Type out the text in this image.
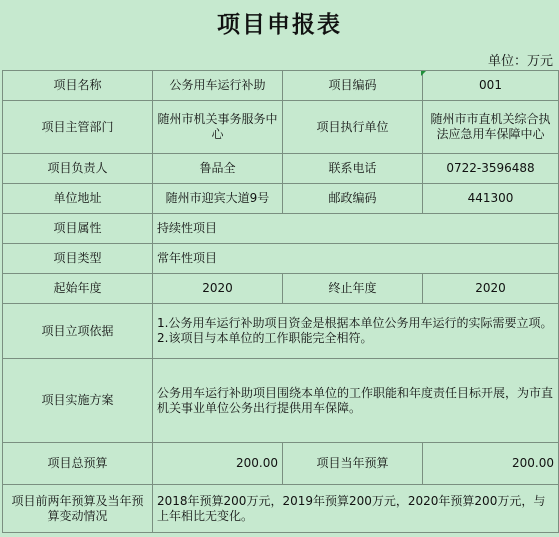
项目申报表
单位：万元
项目名称	公务用车运行补助	项目编码	001
项目主管部门	随州市机关事务服务中心	项目执行单位	随州市市直机关综合执法应急用车保障中心
项目负责人	鲁品全	联系电话	0722-3596488
单位地址	随州市迎宾大道9号	邮政编码	441300
项目属性	持续性项目		
项目类型	常年性项目		
起始年度	2020	终止年度	2020
项目立项依据	1.公务用车运行补助项目资金是根据本单位公务用车运行的实际需要立项。
2.该项目与本单位的工作职能完全相符。		

项目实施方案	公务用车运行补助项目围绕本单位的工作职能和年度责任目标开展，为市直机关事业单位公务出行提供用车保障。		
项目总预算	200.00	项目当年预算	200.00
项目前两年预算及当年预算变动情况	2018年预算200万元，2019年预算200万元，2020年预算200万元，与上年相比无变化。		
